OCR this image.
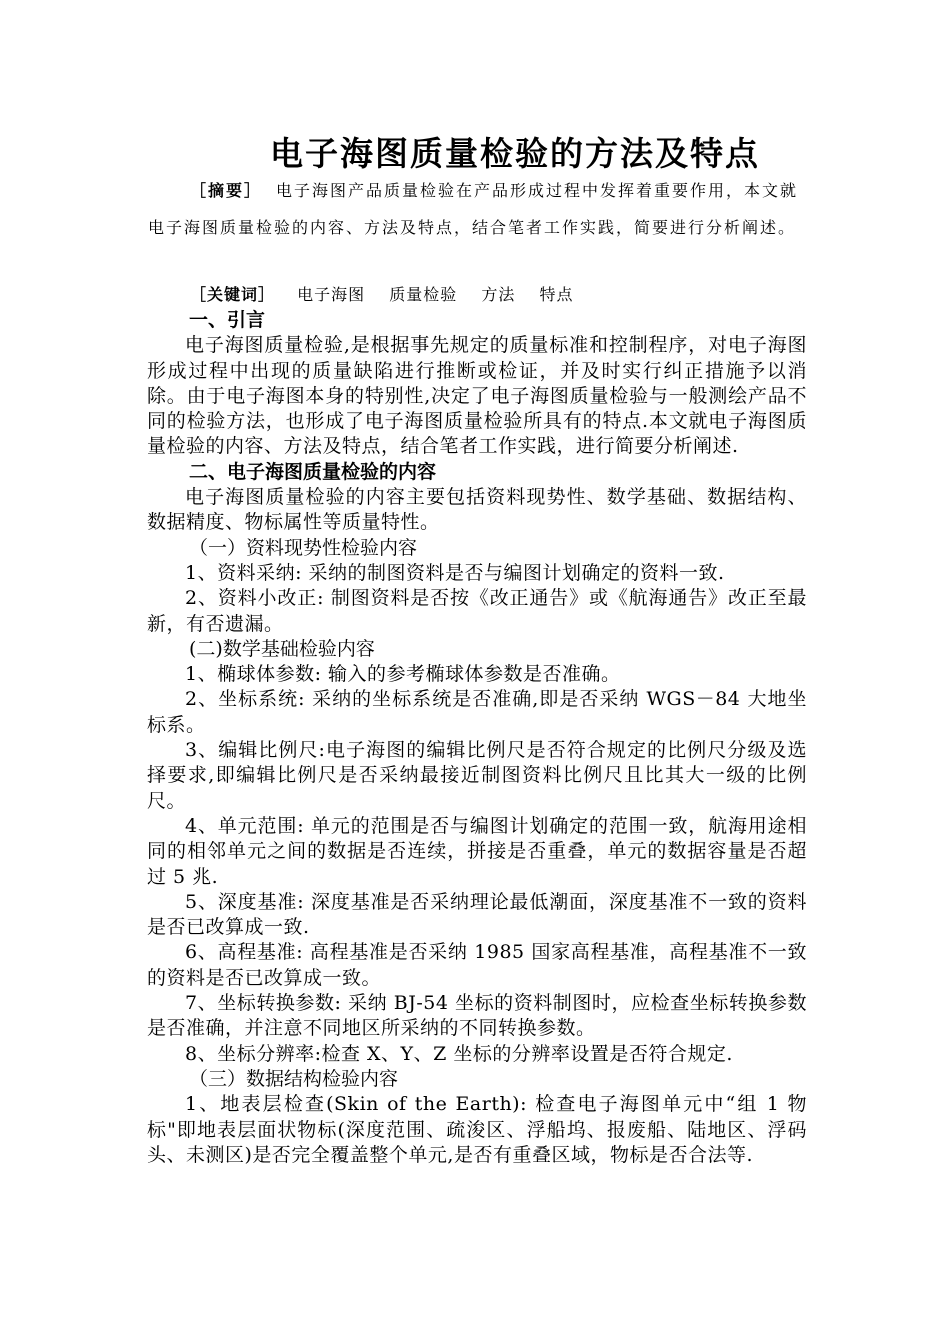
电子海图质量检验的方法及特点
［摘要］ 电子海图产品质量检验在产品形成过程中发挥着重要作用，本文就电子海图质量检验的内容、方法及特点，结合笔者工作实践，简要进行分析阐述。
［关键词］ 电子海图 质量检验 方法 特点
一、引言

电子海图质量检验,是根据事先规定的质量标准和控制程序，对电子海图形成过程中出现的质量缺陷进行推断或检证，并及时实行纠正措施予以消除。由于电子海图本身的特别性,决定了电子海图质量检验与一般测绘产品不同的检验方法，也形成了电子海图质量检验所具有的特点.本文就电子海图质量检验的内容、方法及特点，结合笔者工作实践，进行简要分析阐述.

二、电子海图质量检验的内容

电子海图质量检验的内容主要包括资料现势性、数学基础、数据结构、数据精度、物标属性等质量特性。

（一）资料现势性检验内容

1、资料采纳: 采纳的制图资料是否与编图计划确定的资料一致.

2、资料小改正: 制图资料是否按《改正通告》或《航海通告》改正至最新，有否遗漏。

(二)数学基础检验内容

1、椭球体参数: 输入的参考椭球体参数是否准确。

2、坐标系统: 采纳的坐标系统是否准确,即是否采纳 WGS－84 大地坐标系。

3、编辑比例尺:电子海图的编辑比例尺是否符合规定的比例尺分级及选择要求,即编辑比例尺是否采纳最接近制图资料比例尺且比其大一级的比例尺。

4、单元范围: 单元的范围是否与编图计划确定的范围一致，航海用途相同的相邻单元之间的数据是否连续，拼接是否重叠，单元的数据容量是否超过 5 兆.

5、深度基准: 深度基准是否采纳理论最低潮面，深度基准不一致的资料是否已改算成一致.

6、高程基准: 高程基准是否采纳 1985 国家高程基准，高程基准不一致的资料是否已改算成一致。

7、坐标转换参数: 采纳 BJ-54 坐标的资料制图时，应检查坐标转换参数是否准确，并注意不同地区所采纳的不同转换参数。

8、坐标分辨率:检查 X、Y、Z 坐标的分辨率设置是否符合规定.

（三）数据结构检验内容

1、地表层检查(Skin of the Earth): 检查电子海图单元中“组 1 物标"即地表层面状物标(深度范围、疏浚区、浮船坞、报废船、陆地区、浮码头、未测区)是否完全覆盖整个单元,是否有重叠区域，物标是否合法等.
